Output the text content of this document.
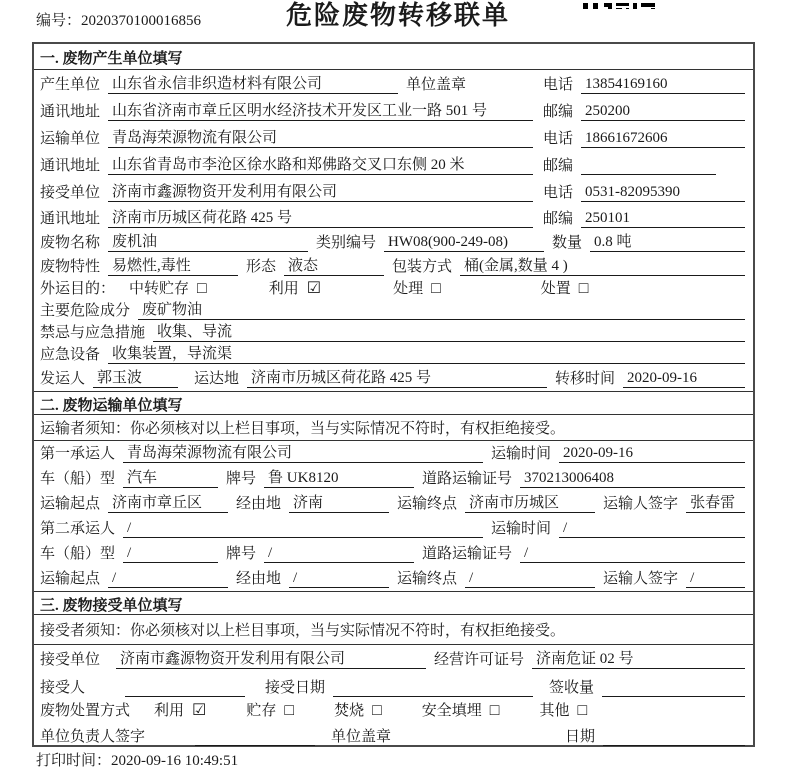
编号：2020370100016856	危险废物转移联单
一. 废物产生单位填写
产生单位 山东省永信非织造材料有限公司	单位盖章	电话 13854169160
通讯地址 山东省济南市章丘区明水经济技术开发区工业一路 501 号	邮编 250200
运输单位 青岛海荣源物流有限公司	电话 18661672606
通讯地址 山东省青岛市李沧区徐水路和郑佛路交叉口东侧 20 米	邮编
接受单位 济南市鑫源物资开发利用有限公司	电话 0531-82095390
通讯地址 济南市历城区荷花路 425 号	邮编 250101
废物名称 废机油	类别编号 HW08(900-249-08)	数量 0.8 吨
废物特性 易燃性,毒性	形态 液态	包装方式 桶(金属,数量 4 )
外运目的： 中转贮存 □	利用 ☑	处理 □	处置 □
主要危险成分 废矿物油
禁忌与应急措施 收集、导流
应急设备 收集装置，导流渠
发运人 郭玉波	运达地 济南市历城区荷花路 425 号	转移时间 2020-09-16
二. 废物运输单位填写
运输者须知：你必须核对以上栏目事项，当与实际情况不符时，有权拒绝接受。
第一承运人 青岛海荣源物流有限公司	运输时间 2020-09-16
车（船）型 汽车	牌号 鲁 UK8120	道路运输证号 370213006408
运输起点 济南市章丘区	经由地 济南	运输终点 济南市历城区	运输人签字 张春雷
第二承运人 /	运输时间 /
车（船）型 /	牌号 /	道路运输证号 /
运输起点 /	经由地 /	运输终点 /	运输人签字 /
三. 废物接受单位填写
接受者须知：你必须核对以上栏目事项，当与实际情况不符时，有权拒绝接受。
接受单位 济南市鑫源物资开发利用有限公司	经营许可证号 济南危证 02 号
接受人	接受日期	签收量
废物处置方式 利用 ☑	贮存 □	焚烧 □	安全填埋 □	其他 □
单位负责人签字	单位盖章	日期
打印时间：2020-09-16 10:49:51
